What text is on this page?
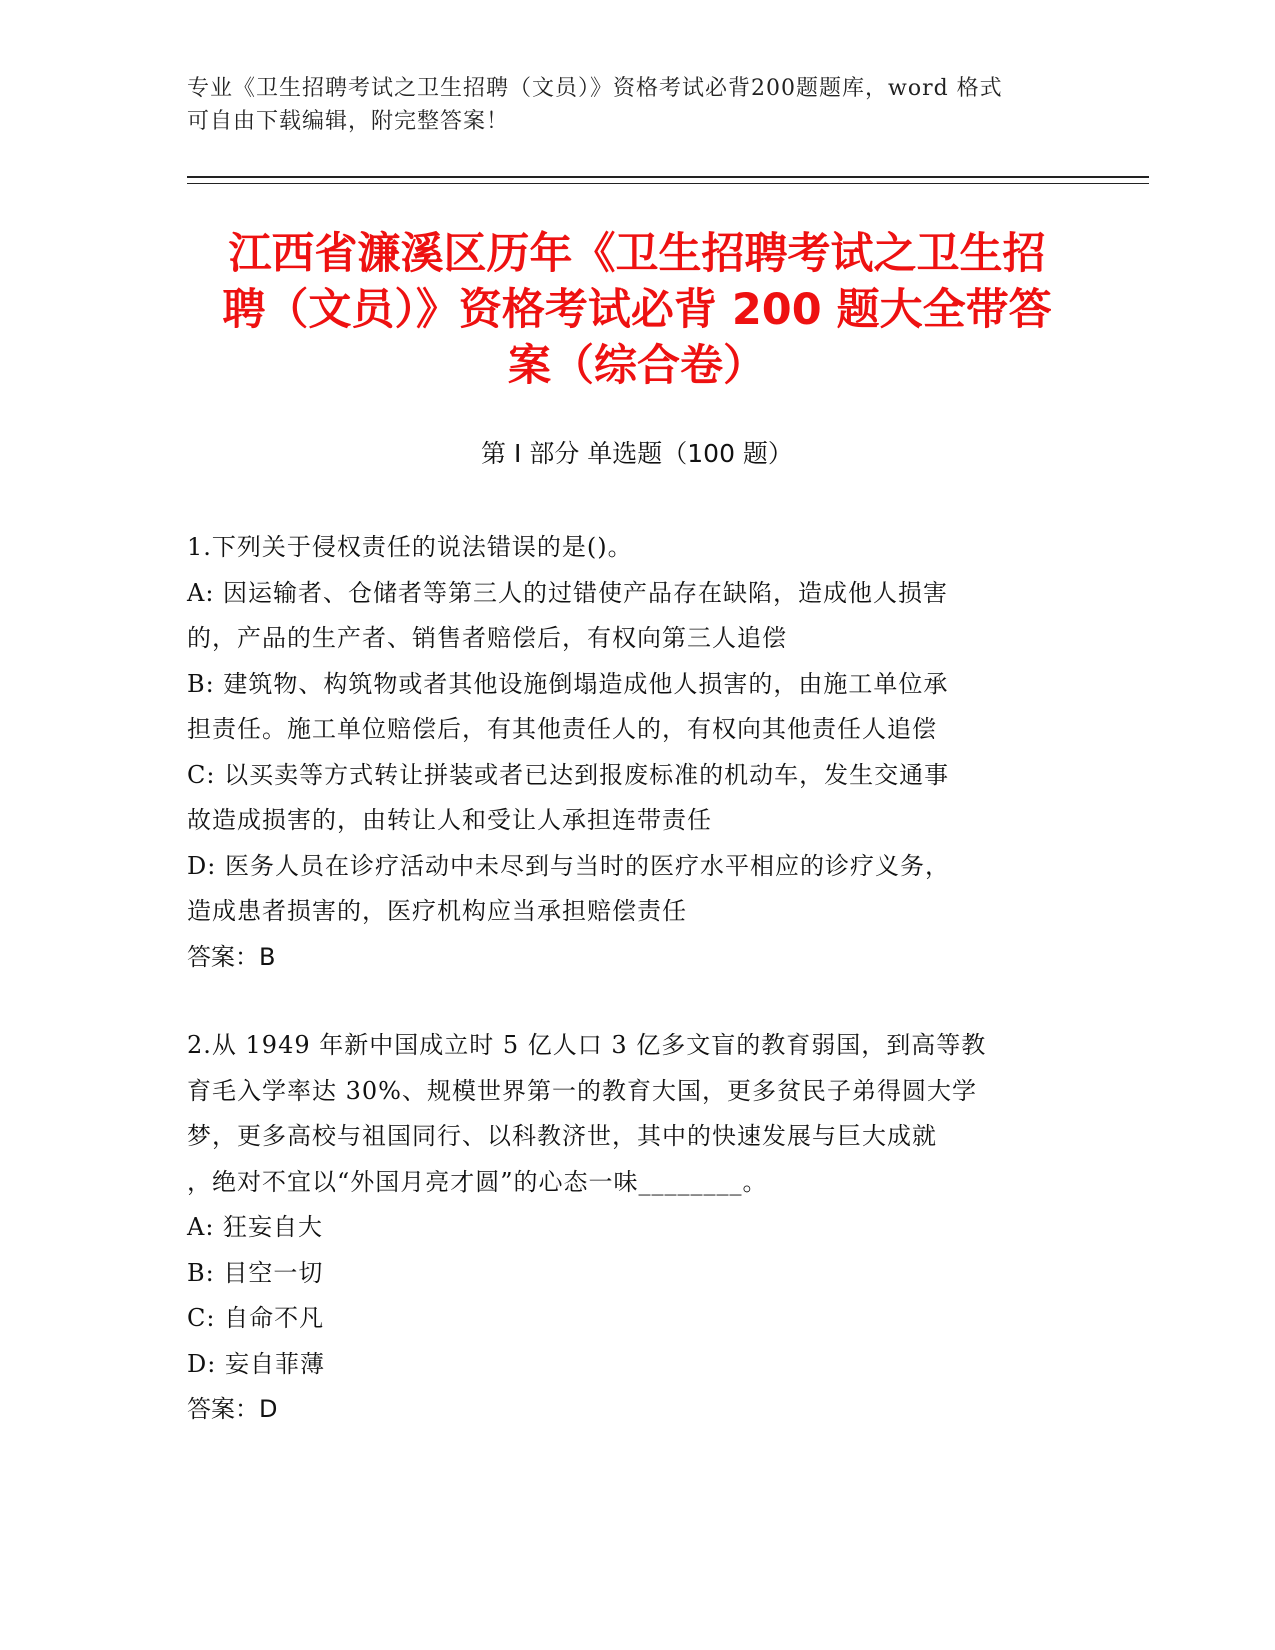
专业《卫生招聘考试之卫生招聘（文员）》资格考试必背200题题库，word 格式
可自由下载编辑，附完整答案！
江西省濂溪区历年《卫生招聘考试之卫生招
聘（文员）》资格考试必背 200 题大全带答
案（综合卷）
第 I 部分 单选题（100 题）
1.下列关于侵权责任的说法错误的是()。
A: 因运输者、仓储者等第三人的过错使产品存在缺陷，造成他人损害
的，产品的生产者、销售者赔偿后，有权向第三人追偿
B: 建筑物、构筑物或者其他设施倒塌造成他人损害的，由施工单位承
担责任。施工单位赔偿后，有其他责任人的，有权向其他责任人追偿
C: 以买卖等方式转让拼装或者已达到报废标准的机动车，发生交通事
故造成损害的，由转让人和受让人承担连带责任
D: 医务人员在诊疗活动中未尽到与当时的医疗水平相应的诊疗义务，
造成患者损害的，医疗机构应当承担赔偿责任
答案：B
2.从 1949 年新中国成立时 5 亿人口 3 亿多文盲的教育弱国，到高等教
育毛入学率达 30%、规模世界第一的教育大国，更多贫民子弟得圆大学
梦，更多高校与祖国同行、以科教济世，其中的快速发展与巨大成就
，绝对不宜以“外国月亮才圆”的心态一味________。
A: 狂妄自大
B: 目空一切
C: 自命不凡
D: 妄自菲薄
答案：D
